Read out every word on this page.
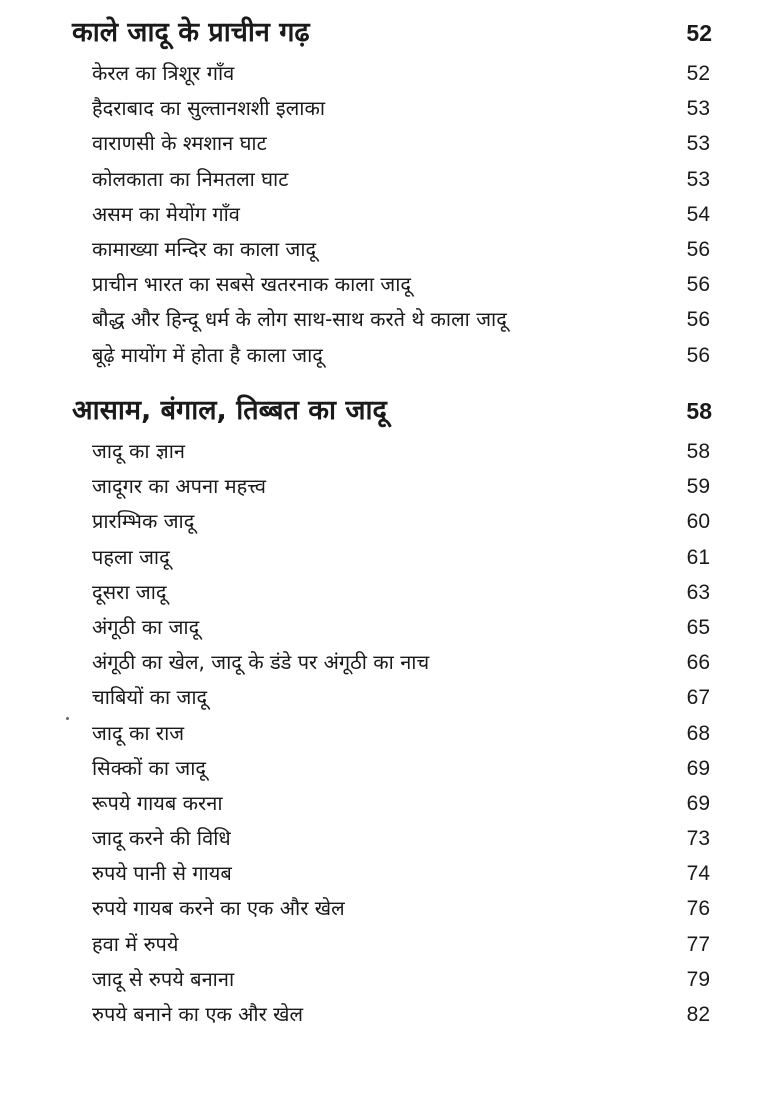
काले जादू के प्राचीन गढ़	52
केरल का त्रिशूर गाँव	52
हैदराबाद का सुल्तानशशी इलाका	53
वाराणसी के श्मशान घाट	53
कोलकाता का निमतला घाट	53
असम का मेयोंग गाँव	54
कामाख्या मन्दिर का काला जादू	56
प्राचीन भारत का सबसे खतरनाक काला जादू	56
बौद्ध और हिन्दू धर्म के लोग साथ-साथ करते थे काला जादू	56
बूढ़े मायोंग में होता है काला जादू	56
आसाम, बंगाल, तिब्बत का जादू	58
जादू का ज्ञान	58
जादूगर का अपना महत्त्व	59
प्रारम्भिक जादू	60
पहला जादू	61
दूसरा जादू	63
अंगूठी का जादू	65
अंगूठी का खेल, जादू के डंडे पर अंगूठी का नाच	66
चाबियों का जादू	67
जादू का राज	68
सिक्कों का जादू	69
रूपये गायब करना	69
जादू करने की विधि	73
रुपये पानी से गायब	74
रुपये गायब करने का एक और खेल	76
हवा में रुपये	77
जादू से रुपये बनाना	79
रुपये बनाने का एक और खेल	82
